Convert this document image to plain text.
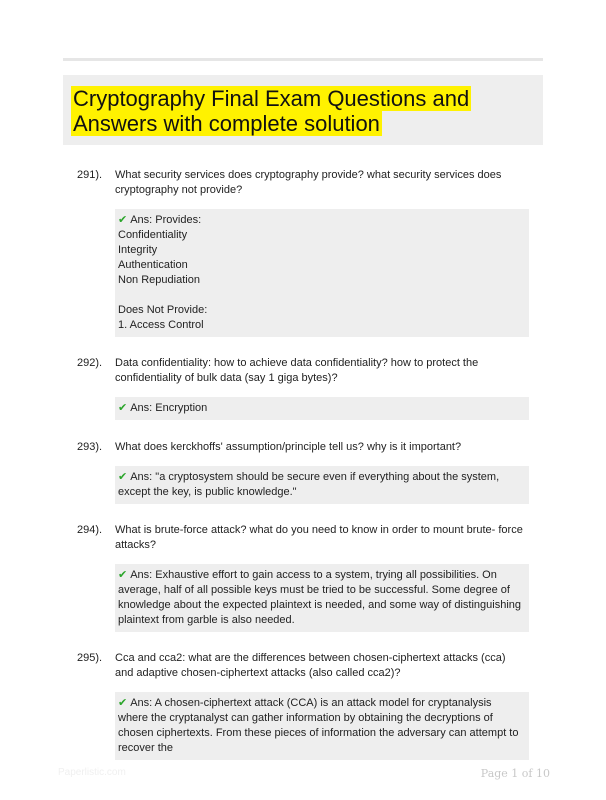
Cryptography Final Exam Questions and Answers with complete solution
291). What security services does cryptography provide? what security services does cryptography not provide?
✔ Ans: Provides:
Confidentiality
Integrity
Authentication
Non Repudiation
Does Not Provide:
1. Access Control
292). Data confidentiality: how to achieve data confidentiality? how to protect the confidentiality of bulk data (say 1 giga bytes)?
✔ Ans: Encryption
293). What does kerckhoffs' assumption/principle tell us? why is it important?
✔ Ans: "a cryptosystem should be secure even if everything about the system, except the key, is public knowledge."
294). What is brute-force attack? what do you need to know in order to mount brute- force attacks?
✔ Ans: Exhaustive effort to gain access to a system, trying all possibilities. On average, half of all possible keys must be tried to be successful. Some degree of knowledge about the expected plaintext is needed, and some way of distinguishing plaintext from garble is also needed.
295). Cca and cca2: what are the differences between chosen-ciphertext attacks (cca) and adaptive chosen-ciphertext attacks (also called cca2)?
✔ Ans: A chosen-ciphertext attack (CCA) is an attack model for cryptanalysis where the cryptanalyst can gather information by obtaining the decryptions of chosen ciphertexts. From these pieces of information the adversary can attempt to recover the
Paperlistic.com	Page 1 of 10
